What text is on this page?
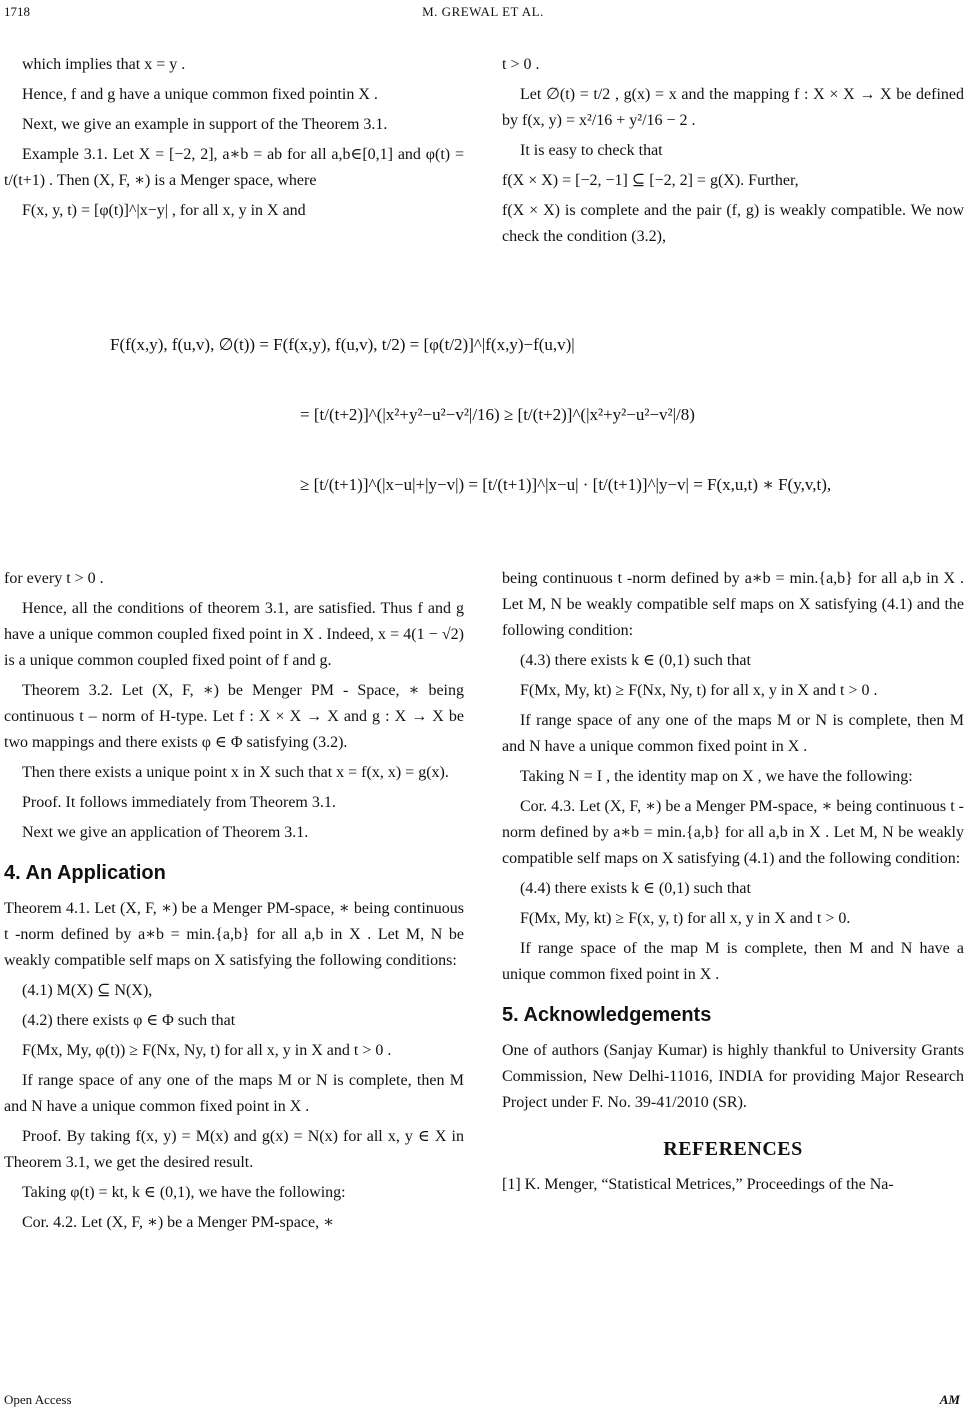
1718	M. GREWAL ET AL.

which implies that x = y .

Hence, f and g have a unique common fixed pointin X .

Next, we give an example in support of the Theorem 3.1.

Example 3.1. Let X = [−2, 2], a∗b = ab for all a,b∈[0,1] and φ(t) = t/(t+1) . Then (X, F, ∗) is a Menger space, where

F(x, y, t) = [φ(t)]^|x−y| , for all x, y in X and

t > 0 .

Let ∅(t) = t/2 , g(x) = x and the mapping f : X × X → X be defined by f(x, y) = x²/16 + y²/16 − 2 .

It is easy to check that

f(X × X) = [−2, −1] ⊆ [−2, 2] = g(X). Further,

f(X × X) is complete and the pair (f, g) is weakly compatible. We now check the condition (3.2),

F(f(x,y), f(u,v), ∅(t)) = F(f(x,y), f(u,v), t/2) = [φ(t/2)]^|f(x,y)−f(u,v)|
= [t/(t+2)]^(|x²+y²−u²−v²|/16) ≥ [t/(t+2)]^(|x²+y²−u²−v²|/8)
≥ [t/(t+1)]^(|x−u|+|y−v|) = [t/(t+1)]^|x−u| · [t/(t+1)]^|y−v| = F(x,u,t) ∗ F(y,v,t),

for every t > 0 .

Hence, all the conditions of theorem 3.1, are satisfied. Thus f and g have a unique common coupled fixed point in X . Indeed, x = 4(1 − √2) is a unique common coupled fixed point of f and g.

Theorem 3.2. Let (X, F, ∗) be Menger PM - Space, ∗ being continuous t – norm of H-type. Let f : X × X → X and g : X → X be two mappings and there exists φ ∈ Φ satisfying (3.2).

Then there exists a unique point x in X such that x = f(x, x) = g(x).

Proof. It follows immediately from Theorem 3.1.

Next we give an application of Theorem 3.1.

4. An Application

Theorem 4.1. Let (X, F, ∗) be a Menger PM-space, ∗ being continuous t -norm defined by a∗b = min.{a,b} for all a,b in X . Let M, N be weakly compatible self maps on X satisfying the following conditions:

(4.1) M(X) ⊆ N(X),

(4.2) there exists φ ∈ Φ such that

F(Mx, My, φ(t)) ≥ F(Nx, Ny, t) for all x, y in X and t > 0 .

If range space of any one of the maps M or N is complete, then M and N have a unique common fixed point in X .

Proof. By taking f(x, y) = M(x) and g(x) = N(x) for all x, y ∈ X in Theorem 3.1, we get the desired result.

Taking φ(t) = kt, k ∈ (0,1), we have the following:

Cor. 4.2. Let (X, F, ∗) be a Menger PM-space, ∗

being continuous t -norm defined by a∗b = min.{a,b} for all a,b in X . Let M, N be weakly compatible self maps on X satisfying (4.1) and the following condition:

(4.3) there exists k ∈ (0,1) such that

F(Mx, My, kt) ≥ F(Nx, Ny, t) for all x, y in X and t > 0 .

If range space of any one of the maps M or N is complete, then M and N have a unique common fixed point in X .

Taking N = I , the identity map on X , we have the following:

Cor. 4.3. Let (X, F, ∗) be a Menger PM-space, ∗ being continuous t -norm defined by a∗b = min.{a,b} for all a,b in X . Let M, N be weakly compatible self maps on X satisfying (4.1) and the following condition:

(4.4) there exists k ∈ (0,1) such that

F(Mx, My, kt) ≥ F(x, y, t) for all x, y in X and t > 0.

If range space of the map M is complete, then M and N have a unique common fixed point in X .

5. Acknowledgements

One of authors (Sanjay Kumar) is highly thankful to University Grants Commission, New Delhi-11016, INDIA for providing Major Research Project under F. No. 39-41/2010 (SR).

REFERENCES

[1] K. Menger, “Statistical Metrices,” Proceedings of the Na-

Open Access	AM
